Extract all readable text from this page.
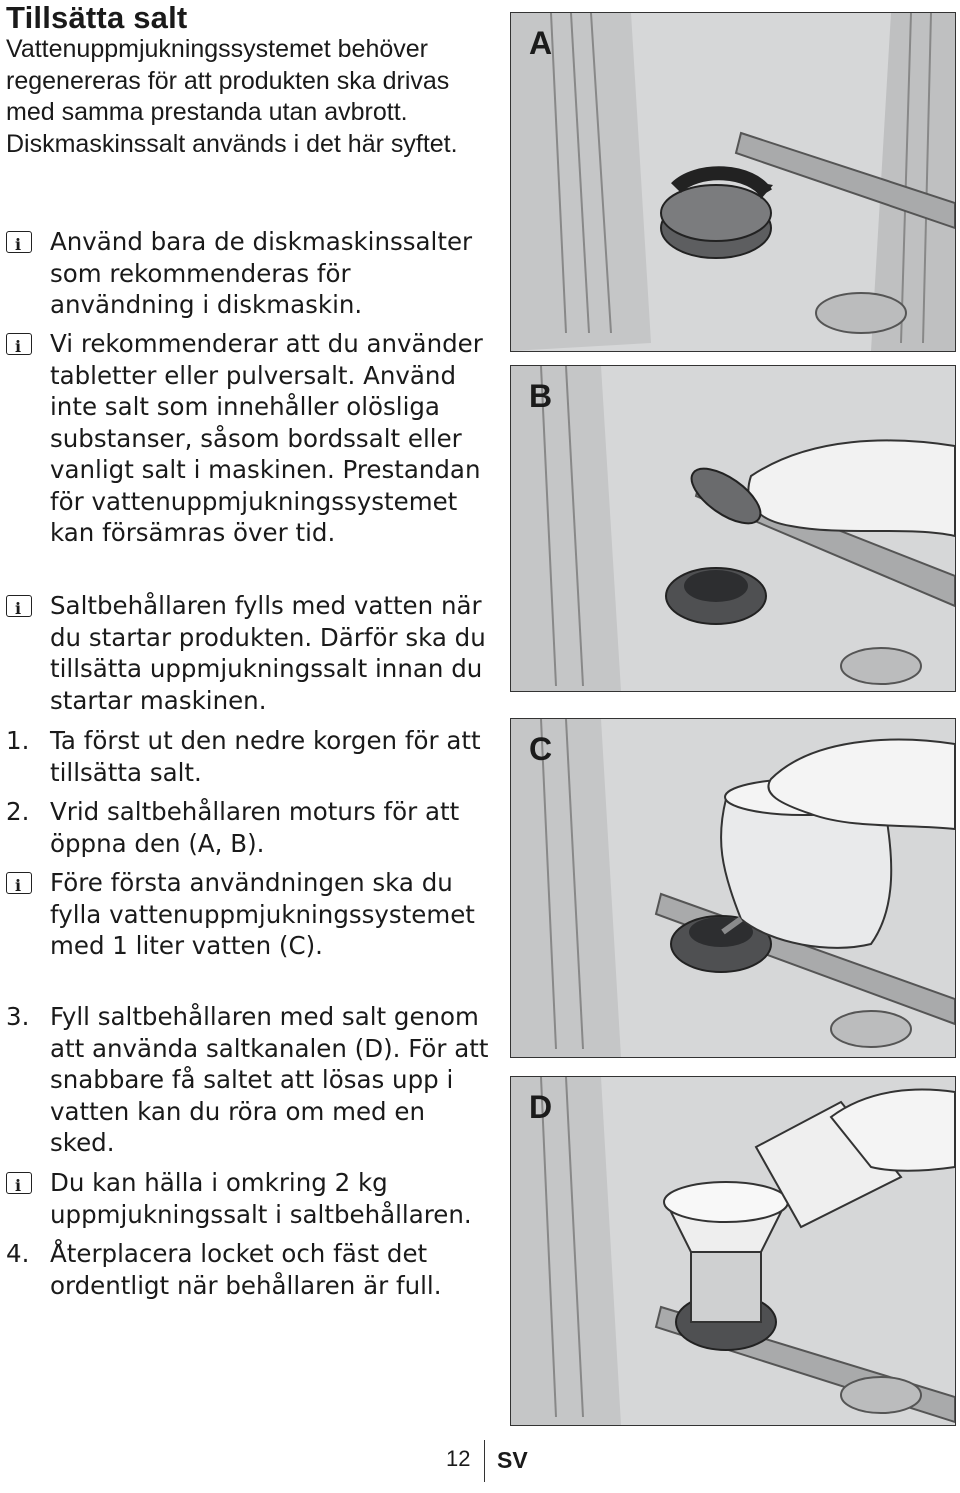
Tillsätta salt
Vattenuppmjukningssystemet behöver regenereras för att produkten ska drivas med samma prestanda utan avbrott. Diskmaskinssalt används i det här syftet.
i
Använd bara de diskmaskinssalter som rekommenderas för användning i diskmaskin.
i
Vi rekommenderar att du använder tabletter eller pulversalt. Använd inte salt som innehåller olösliga substanser, såsom bordssalt eller vanligt salt i maskinen. Prestandan för vattenuppmjukningssystemet kan försämras över tid.
i
Saltbehållaren fylls med vatten när du startar produkten. Därför ska du tillsätta uppmjukningssalt innan du startar maskinen.
1. Ta först ut den nedre korgen för att tillsätta salt.
2. Vrid saltbehållaren moturs för att öppna den (A, B).
i
Före första användningen ska du fylla vattenuppmjukningssystemet med 1 liter vatten (C).
3. Fyll saltbehållaren med salt genom att använda saltkanalen (D). För att snabbare få saltet att lösas upp i vatten kan du röra om med en sked.
i
Du kan hälla i omkring 2 kg uppmjukningssalt i saltbehållaren.
4. Återplacera locket och fäst det ordentligt när behållaren är full.
A
B
C
D
12 SV
